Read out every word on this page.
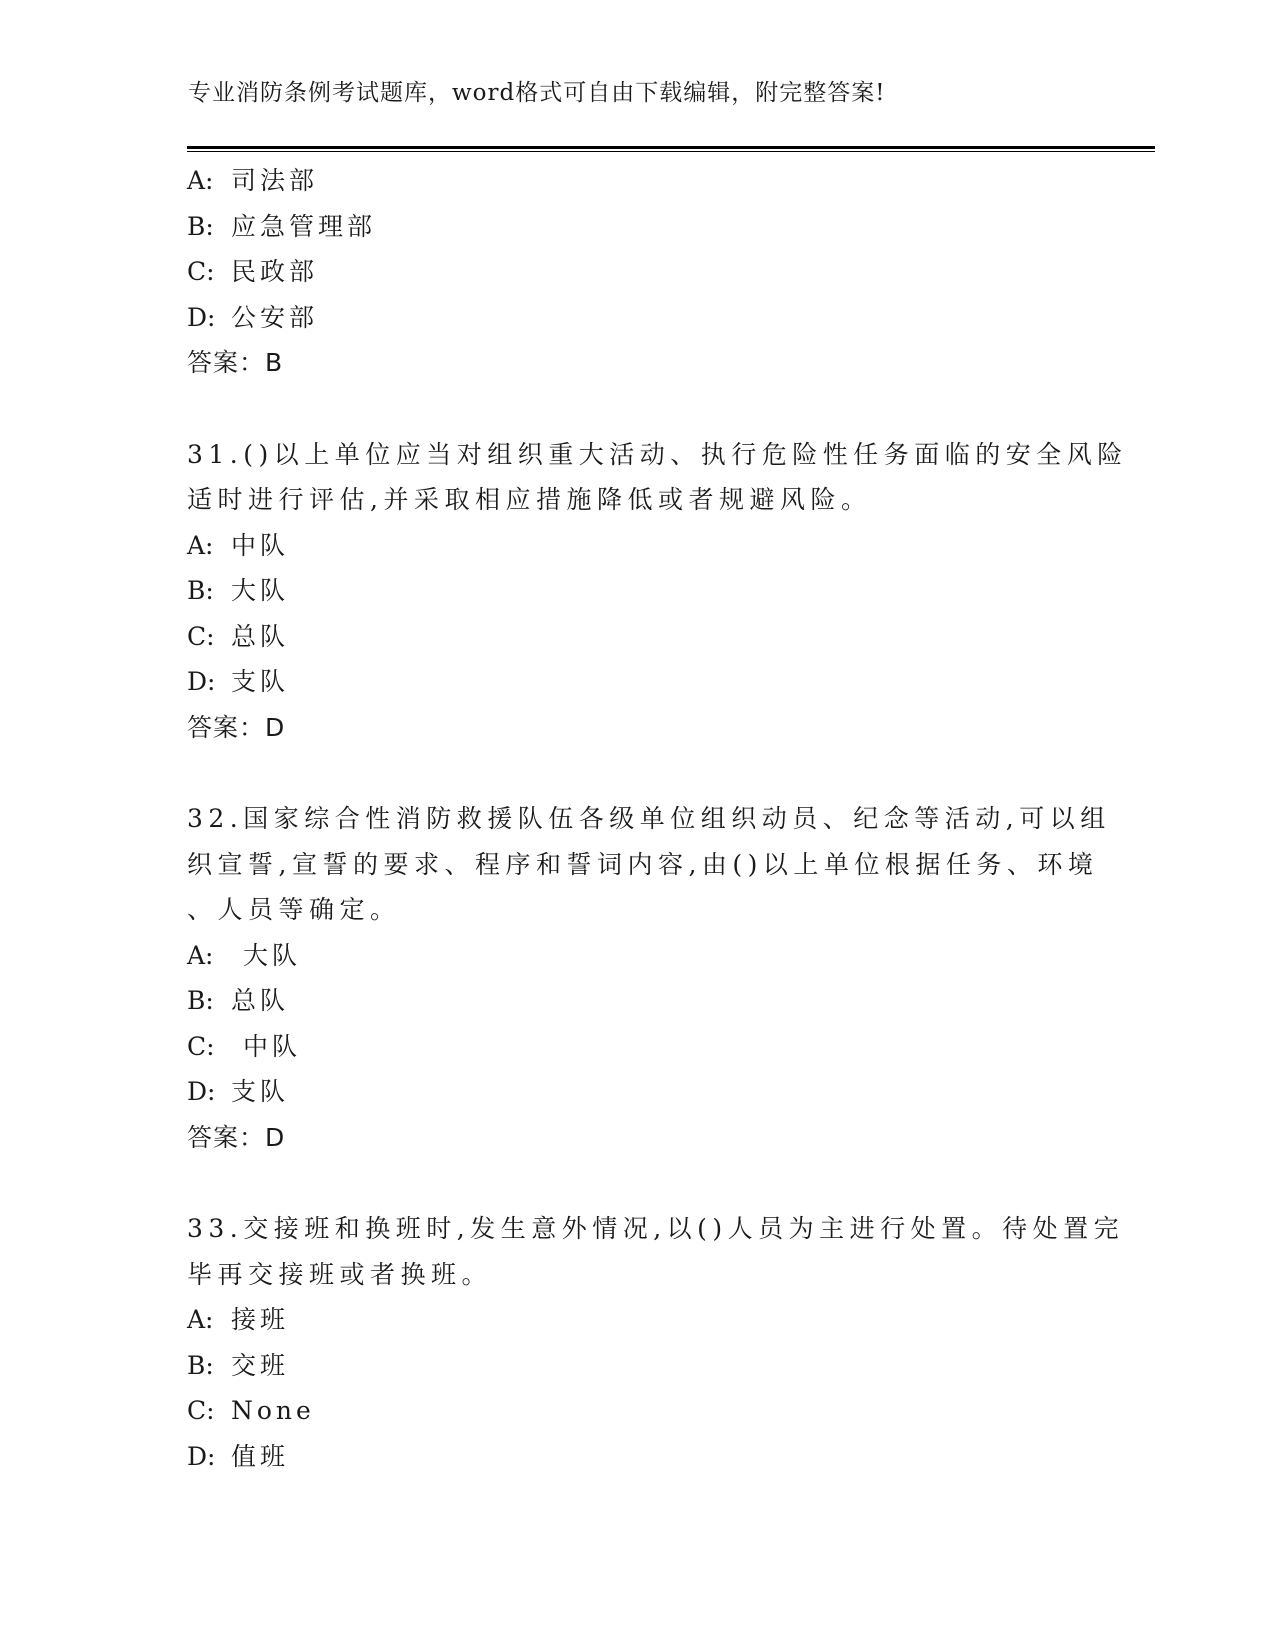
专业消防条例考试题库，word格式可自由下载编辑，附完整答案!
A: 司法部
B: 应急管理部
C: 民政部
D: 公安部
答案：B
31.()以上单位应当对组织重大活动、执行危险性任务面临的安全风险
适时进行评估,并采取相应措施降低或者规避风险。
A: 中队
B: 大队
C: 总队
D: 支队
答案：D
32.国家综合性消防救援队伍各级单位组织动员、纪念等活动,可以组
织宣誓,宣誓的要求、程序和誓词内容,由()以上单位根据任务、环境
、人员等确定。
A: 大队
B: 总队
C: 中队
D: 支队
答案：D
33.交接班和换班时,发生意外情况,以()人员为主进行处置。待处置完
毕再交接班或者换班。
A: 接班
B: 交班
C: None
D: 值班
